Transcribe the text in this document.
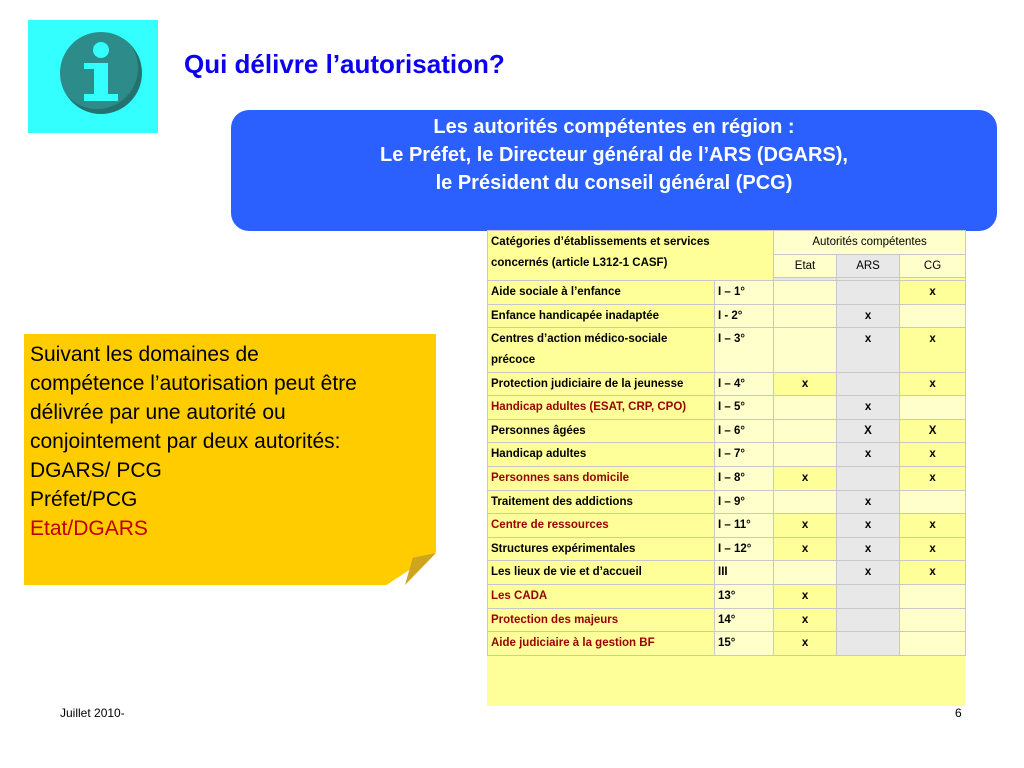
Qui délivre l’autorisation?
Les autorités compétentes en région :
Le Préfet, le Directeur général de l’ARS (DGARS),
le Président du conseil général (PCG)
Suivant les domaines de
compétence l’autorisation peut être
délivrée par une autorité ou
conjointement par deux autorités:
DGARS/ PCG
Préfet/PCG
Etat/DGARS
Catégories d’établissements et services concernés (article L312-1 CASF)		Autorités compétentes		
		Etat	ARS	CG

Aide sociale à l’enfance	I – 1°			x
Enfance handicapée inadaptée	I - 2°		x	
Centres d’action médico-sociale précoce	I – 3°		x	x
Protection judiciaire de la jeunesse	I – 4°	x		x
Handicap adultes (ESAT, CRP, CPO)	I – 5°		x	
Personnes âgées	I – 6°		X	X
Handicap adultes	I – 7°		x	x
Personnes sans domicile	I – 8°	x		x
Traitement des addictions	I – 9°		x	
Centre de ressources	I – 11°	x	x	x
Structures expérimentales	I – 12°	x	x	x
Les lieux de vie et d’accueil	III		x	x
Les CADA	13°	x		
Protection des majeurs	14°	x		
Aide judiciaire à la gestion BF	15°	x		
Juillet 2010-	6
